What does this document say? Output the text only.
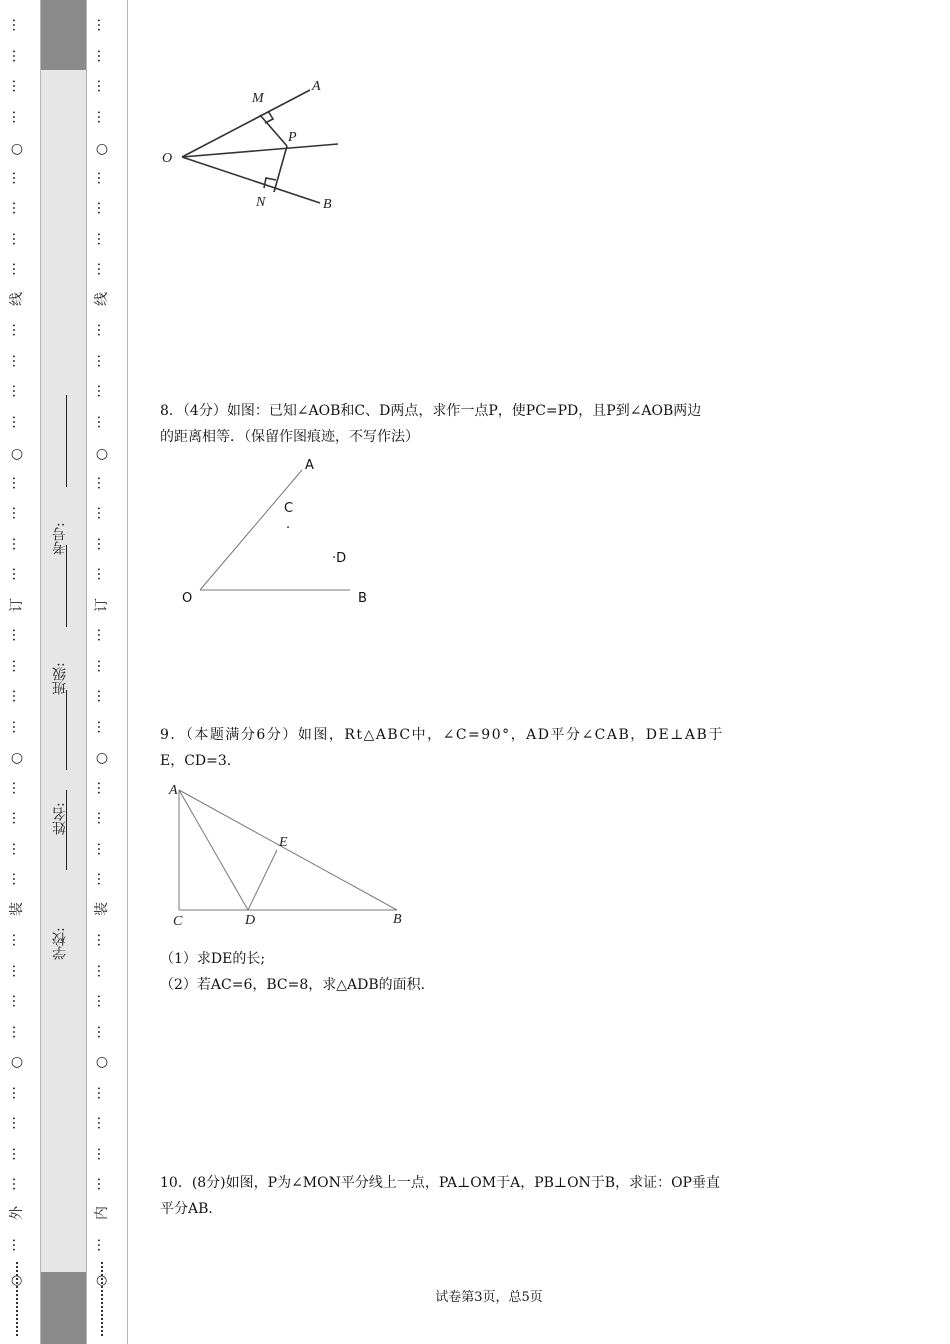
…
…
…
…
…
…
…
…
…
…
…
…
…
…
…
…
…
…
…
…
…
…
…
…
…
…
…
…
…
…
…
…
…
○
线
○
订
○
装
○
外
○
…
…
…
…
…
…
…
…
…
…
…
…
…
…
…
…
…
…
…
…
…
…
…
…
…
…
…
…
…
…
…
…
…
○
线
○
订
○
装
○
内
○
学校:
姓名:
班级:
考号:
M
A
O
P
N	B
8．（4分）如图：已知∠AOB和C、D两点，求作一点P，使PC=PD，且P到∠AOB两边
的距离相等．（保留作图痕迹，不写作法）
A
C
.
·D
O	B
9．（本题满分6分）如图，Rt△ABC中，∠C=90°，AD平分∠CAB，DE⊥AB于
E，CD=3.
A
E
C	D	B
（1）求DE的长;
（2）若AC=6，BC=8，求△ADB的面积.
10．(8分)如图，P为∠MON平分线上一点，PA⊥OM于A，PB⊥ON于B，求证：OP垂直
平分AB.
试卷第3页，总5页
